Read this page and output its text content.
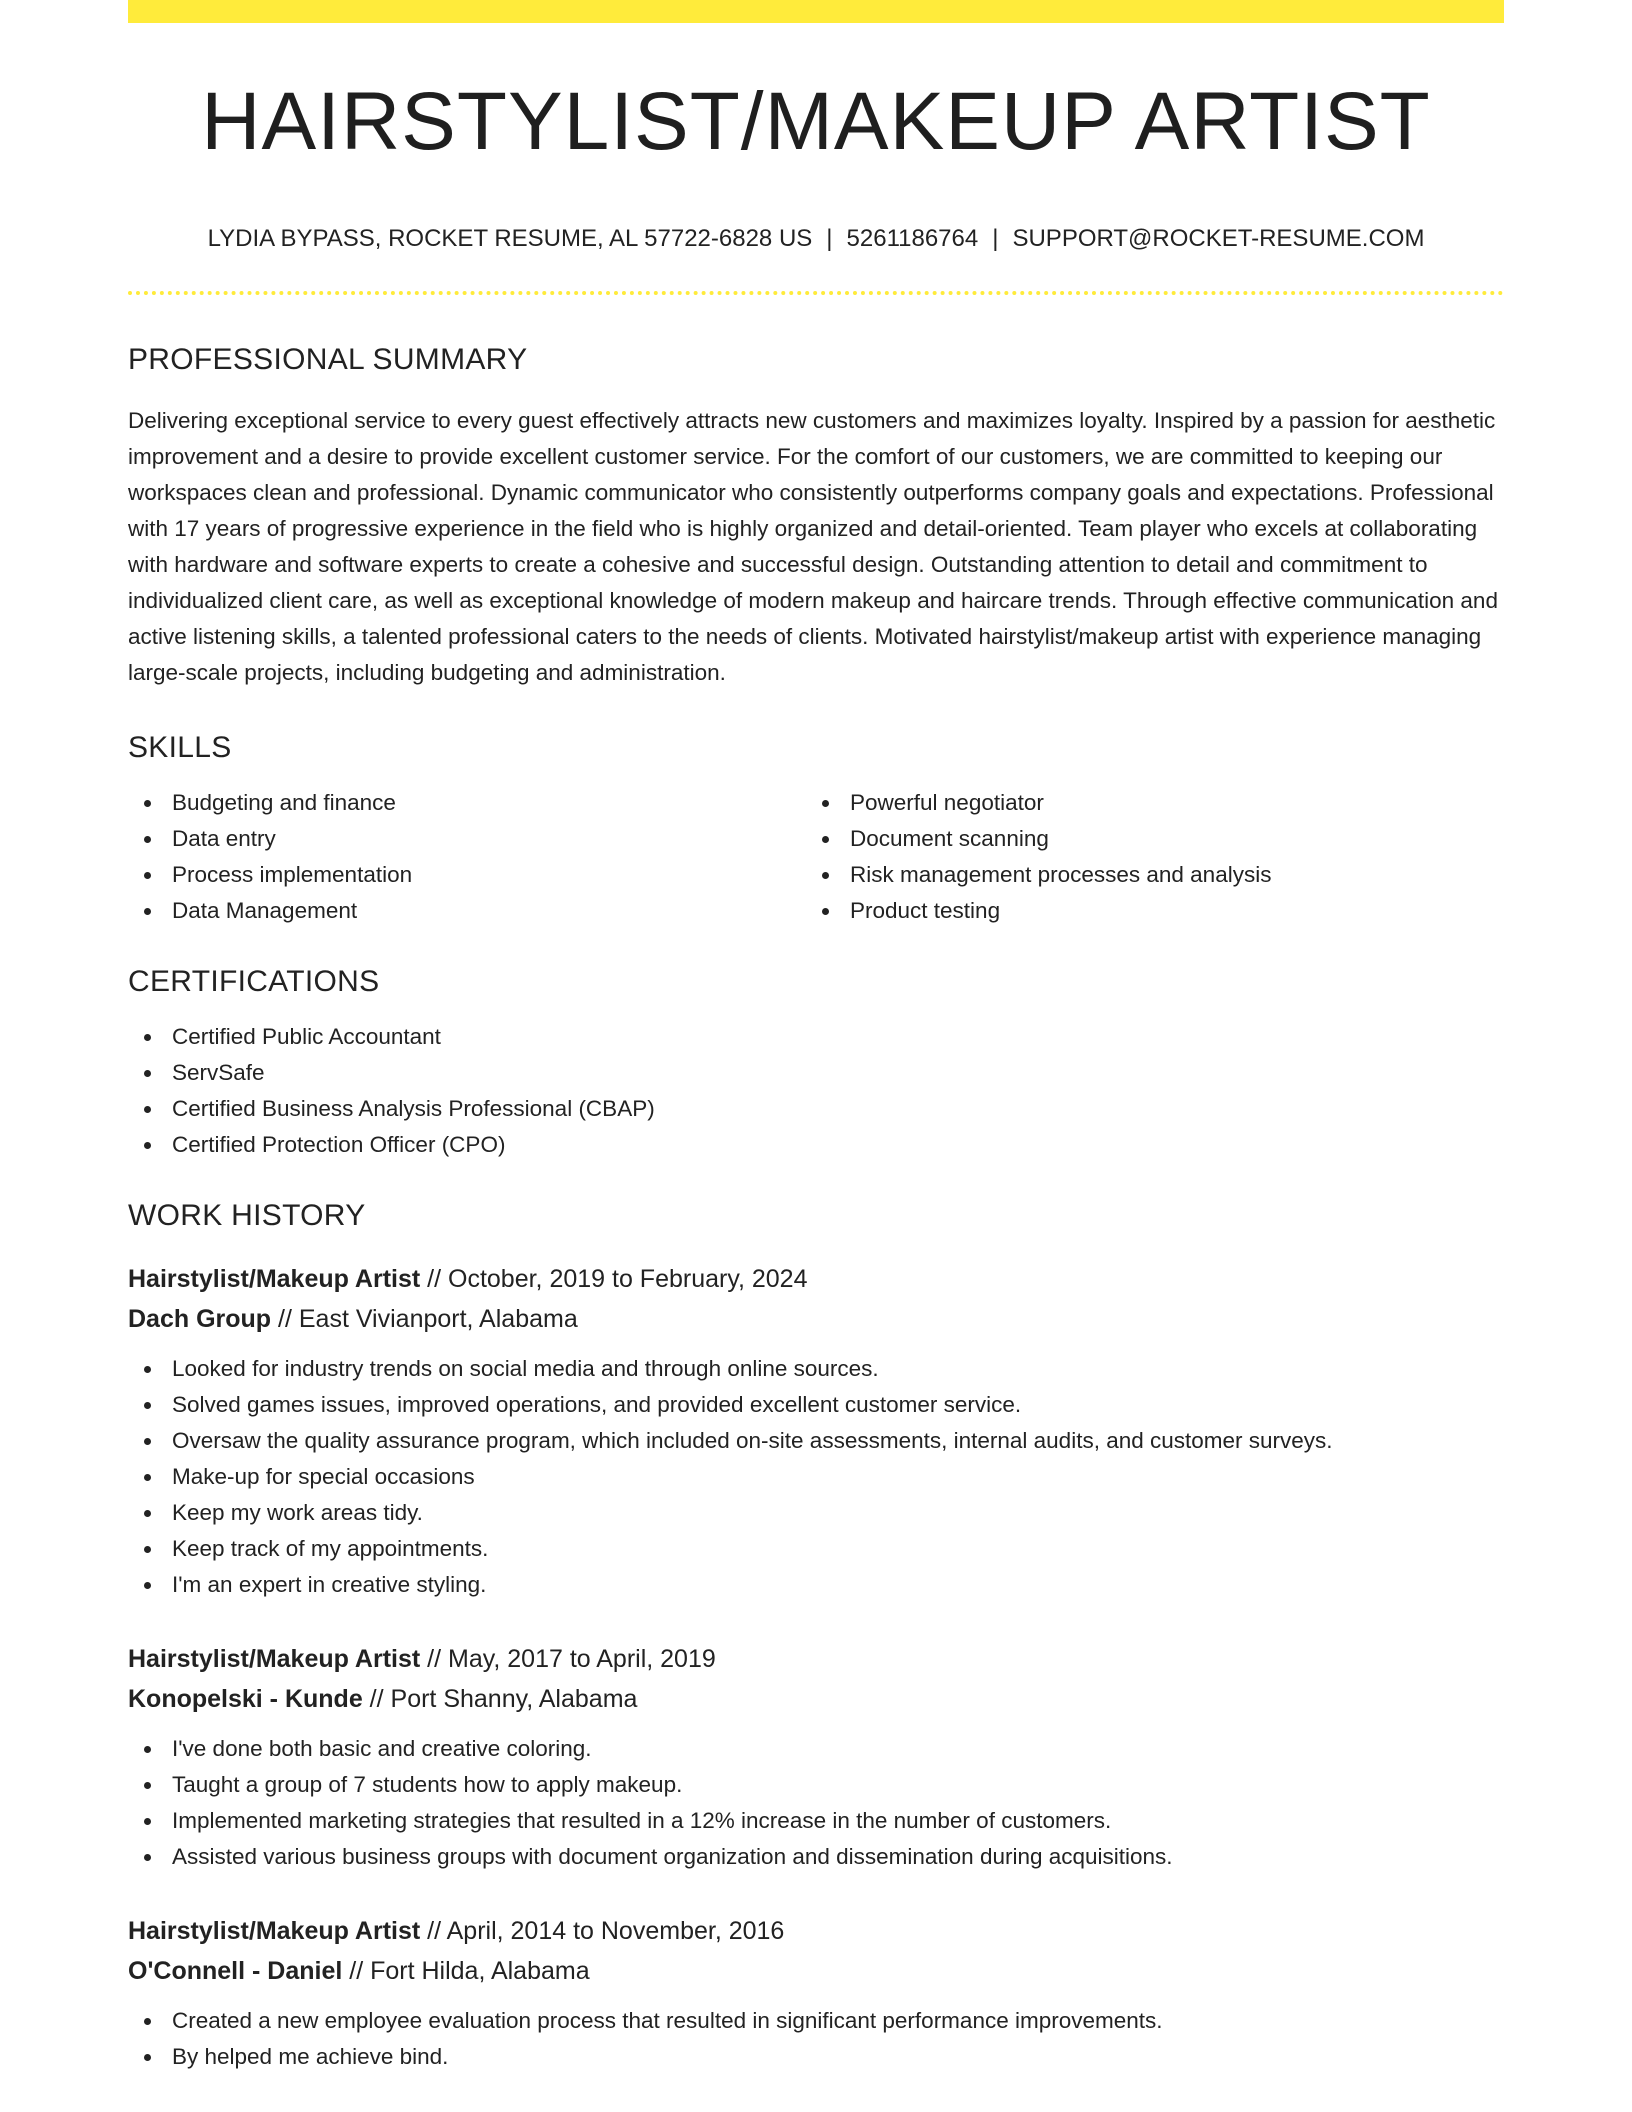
HAIRSTYLIST/MAKEUP ARTIST
LYDIA BYPASS, ROCKET RESUME, AL 57722-6828 US | 5261186764 | SUPPORT@ROCKET-RESUME.COM
PROFESSIONAL SUMMARY

Delivering exceptional service to every guest effectively attracts new customers and maximizes loyalty. Inspired by a passion for aesthetic improvement and a desire to provide excellent customer service. For the comfort of our customers, we are committed to keeping our workspaces clean and professional. Dynamic communicator who consistently outperforms company goals and expectations. Professional with 17 years of progressive experience in the field who is highly organized and detail-oriented. Team player who excels at collaborating with hardware and software experts to create a cohesive and successful design. Outstanding attention to detail and commitment to individualized client care, as well as exceptional knowledge of modern makeup and haircare trends. Through effective communication and active listening skills, a talented professional caters to the needs of clients. Motivated hairstylist/makeup artist with experience managing large-scale projects, including budgeting and administration.

SKILLS
Budgeting and finance
Data entry
Process implementation
Data Management
Powerful negotiator
Document scanning
Risk management processes and analysis
Product testing
CERTIFICATIONS
Certified Public Accountant
ServSafe
Certified Business Analysis Professional (CBAP)
Certified Protection Officer (CPO)
WORK HISTORY
Hairstylist/Makeup Artist // October, 2019 to February, 2024
Dach Group // East Vivianport, Alabama
Looked for industry trends on social media and through online sources.
Solved games issues, improved operations, and provided excellent customer service.
Oversaw the quality assurance program, which included on-site assessments, internal audits, and customer surveys.
Make-up for special occasions
Keep my work areas tidy.
Keep track of my appointments.
I'm an expert in creative styling.
Hairstylist/Makeup Artist // May, 2017 to April, 2019
Konopelski - Kunde // Port Shanny, Alabama
I've done both basic and creative coloring.
Taught a group of 7 students how to apply makeup.
Implemented marketing strategies that resulted in a 12% increase in the number of customers.
Assisted various business groups with document organization and dissemination during acquisitions.
Hairstylist/Makeup Artist // April, 2014 to November, 2016
O'Connell - Daniel // Fort Hilda, Alabama
Created a new employee evaluation process that resulted in significant performance improvements.
By helped me achieve bind.
